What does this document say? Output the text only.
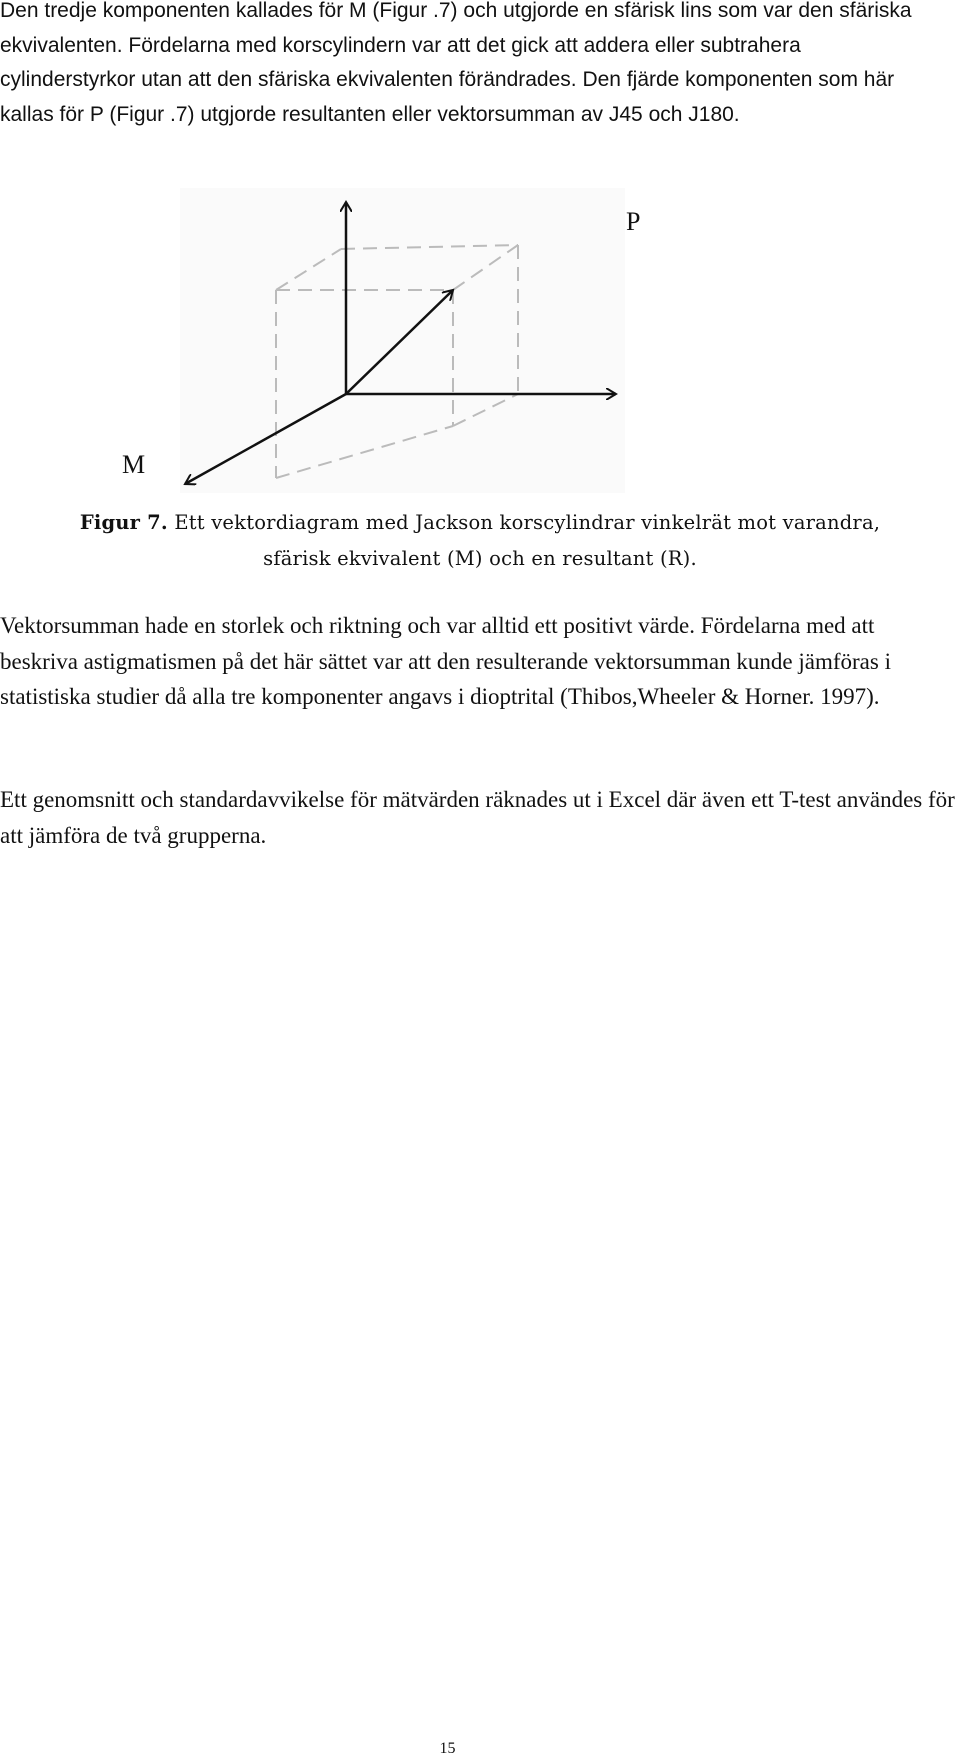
Den tredje komponenten kallades för M (Figur .7) och utgjorde en sfärisk lins som var den sfäriska ekvivalenten. Fördelarna med korscylindern var att det gick att addera eller subtrahera cylinderstyrkor utan att den sfäriska ekvivalenten förändrades. Den fjärde komponenten som här kallas för P (Figur .7) utgjorde resultanten eller vektorsumman av J45 och J180.

P
M
Figur 7. Ett vektordiagram med Jackson korscylindrar vinkelrät mot varandra,
sfärisk ekvivalent (M) och en resultant (R).

Vektorsumman hade en storlek och riktning och var alltid ett positivt värde. Fördelarna med att beskriva astigmatismen på det här sättet var att den resulterande vektorsumman kunde jämföras i statistiska studier då alla tre komponenter angavs i dioptrital (Thibos,Wheeler & Horner. 1997).

Ett genomsnitt och standardavvikelse för mätvärden räknades ut i Excel där även ett T-test användes för att jämföra de två grupperna.

15
